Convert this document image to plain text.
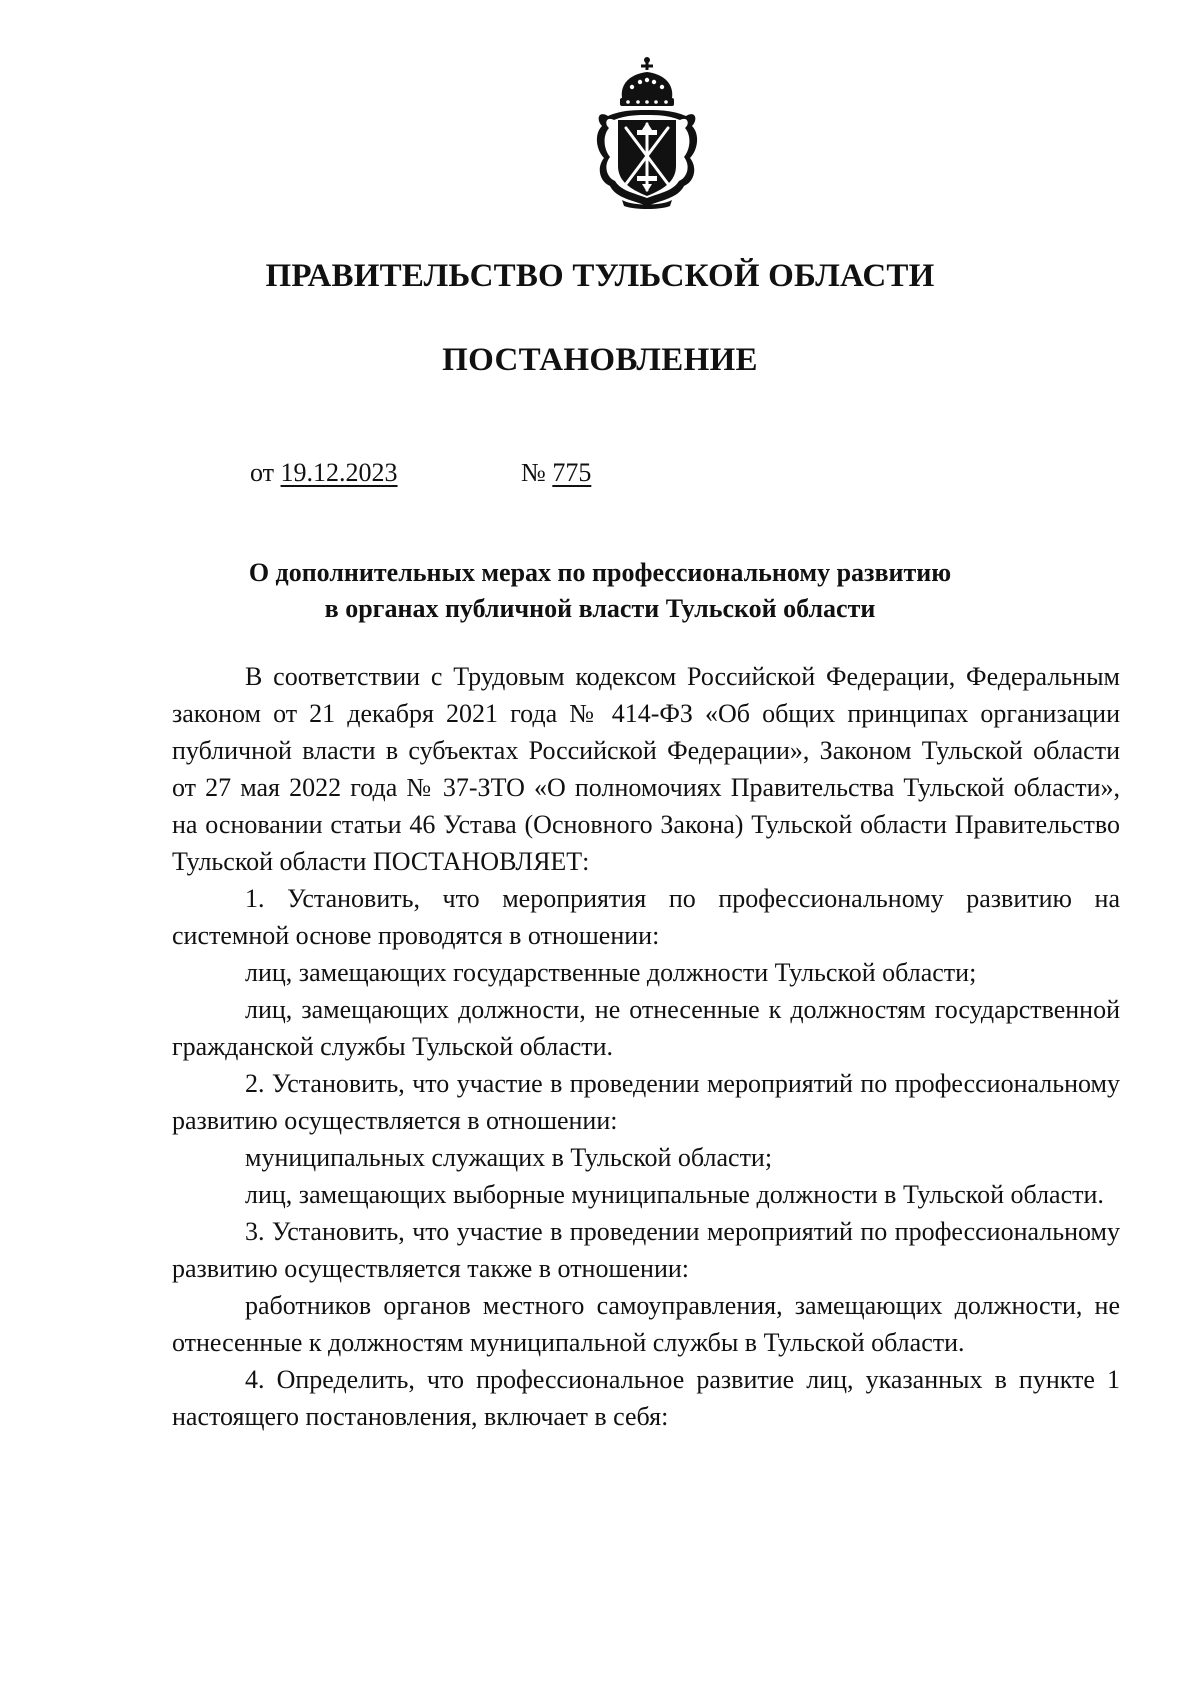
ПРАВИТЕЛЬСТВО ТУЛЬСКОЙ ОБЛАСТИ
ПОСТАНОВЛЕНИЕ
от 19.12.2023	№ 775
О дополнительных мерах по профессиональному развитию
в органах публичной власти Тульской области

В соответствии с Трудовым кодексом Российской Федерации, Федеральным законом от 21 декабря 2021 года № 414-ФЗ «Об общих принципах организации публичной власти в субъектах Российской Федерации», Законом Тульской области от 27 мая 2022 года № 37-ЗТО «О полномочиях Правительства Тульской области», на основании статьи 46 Устава (Основного Закона) Тульской области Правительство Тульской области ПОСТАНОВЛЯЕТ:

1. Установить, что мероприятия по профессиональному развитию на системной основе проводятся в отношении:

лиц, замещающих государственные должности Тульской области;

лиц, замещающих должности, не отнесенные к должностям государственной гражданской службы Тульской области.

2. Установить, что участие в проведении мероприятий по профессиональному развитию осуществляется в отношении:

муниципальных служащих в Тульской области;

лиц, замещающих выборные муниципальные должности в Тульской области.

3. Установить, что участие в проведении мероприятий по профессиональному развитию осуществляется также в отношении:

работников органов местного самоуправления, замещающих должности, не отнесенные к должностям муниципальной службы в Тульской области.

4. Определить, что профессиональное развитие лиц, указанных в пункте 1 настоящего постановления, включает в себя:
